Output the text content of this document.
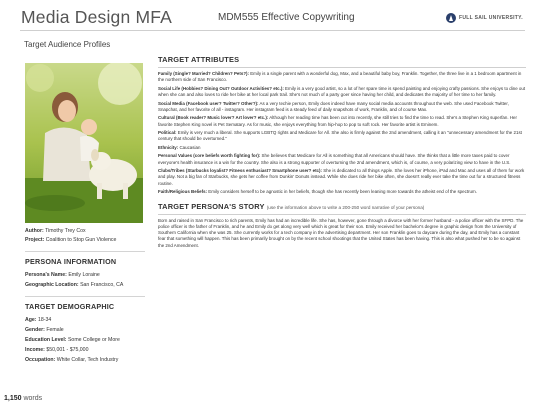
Media Design MFA	MDM555 Effective Copywriting	FULL SAIL UNIVERSITY.
Target Audience Profiles
Author: Timothy Trey Cox
Project: Coalition to Stop Gun Violence
PERSONA INFORMATION
Persona's Name: Emily Loraine
Geographic Location: San Francisco, CA
TARGET DEMOGRAPHIC
Age: 18-34
Gender: Female
Education Level: Some College or More
Income: $50,001 - $75,000
Occupation: White Collar, Tech Industry
TARGET ATTRIBUTES
Family (Single? Married? Children? Pets?): Emily is a single parent with a wonderful dog, Max, and a beautiful baby boy, Franklin. Together, the three live in a 1 bedroom apartment in the northern side of San Francisco.
Social Life (Hobbies? Dining Out? Outdoor Activities? etc.): Emily is a very good artist, so a lot of her spare time is spend painting and enjoying crafty passions. She enjoys to dine out when she can and also loves to ride her bike at her local park trail. She's not much of a party goer since having her child, and dedicates the majority of her time to her family.
Social Media (Facebook user? Twitter? Other?): As a very techie person, Emily does indeed have many social media accounts throughout the web. She used Facebook Twitter, Snapchat, and her favorite of all - instagram. Her instagram feed is a steady feed of daily snapshots of work, Franklin, and of course Max.
Cultural (Book reader? Music lover? Art lover? etc.): Although her reading time has been cut into recently, she still tries to find the time to read. She's a Stephen King superfan. Her favorite Stephen King novel is Pet Sematary. As for music, she enjoys everything from hip-hop to pop to soft rock. Her favorite artist is Eminem.
Political: Emily is very much a liberal. She supports LGBTQ rights and Medicare for All. She also is firmly against the 2nd amendment, calling it an "unnecessary amendment for the 21st century that should be overturned."
Ethnicity: Caucasian
Personal Values (core beliefs worth fighting for): She believes that Medicare for All is something that all Americans should have. She thinks that a little more taxes paid to cover everyone's health insurance is a win for the country. She also is a strong supporter of overturning the 2nd amendment, which is, of course, a very polarizing view to have in the U.S.
Clubs/Tribes (Starbucks loyalist? Fitness enthusiast? Smartphone user? etc): She is dedicated to all things Apple. She loves her iPhone, iPad and Mac and uses all of them for work and play. Not a big fan of Starbucks, she gets her coffee from Dunkin' Donuts instead. While she does ride her bike often, she doesn't really ever take the time out for a structured fitness routine.
Faith/Religious Beliefs: Emily considers herself to be agnostic in her beliefs, though she has recently been leaning more towards the atheist end of the spectrum.
TARGET PERSONA'S STORY (use the information above to write a 200-250 word narrative of your persona)
Born and raised in San Francisco to rich parents, Emily has had an incredible life. She has, however, gone through a divorce with her former husband - a police officer with the SFPD. The police officer is the father of Franklin, and he and Emily do get along very well which is great for their son. Emily received her bachelor's degree in graphic design from the University of Southern California when she was 25. She currently works for a tech company in the advertising department. Her son Franklin goes to daycare during the day, and Emily has a constant fear that something will happen. This has been primarily brought on by the recent school shootings that the United States has been having. This is also what pushed her to be so against the 2nd Amendment.
1,150 words
